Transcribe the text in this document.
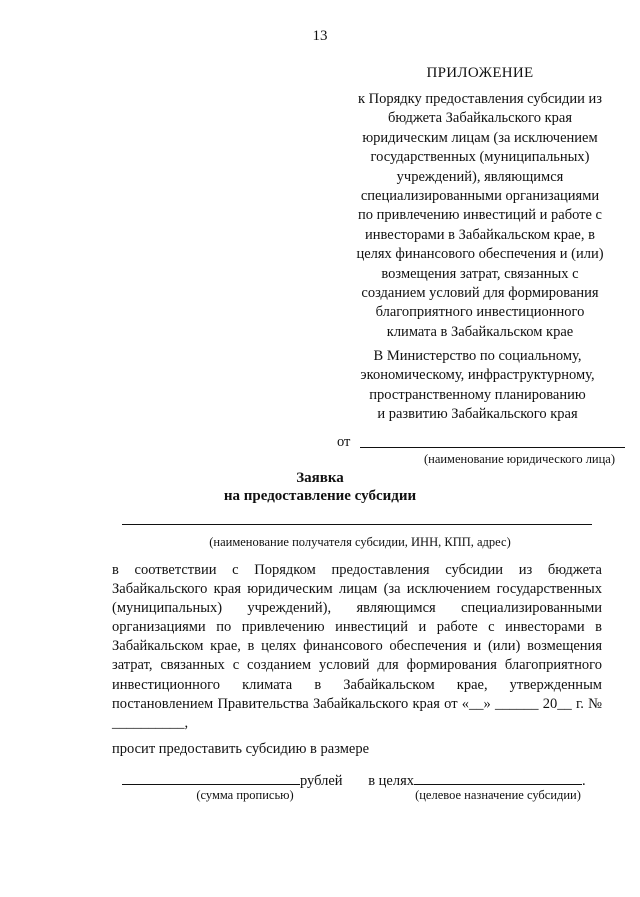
13
ПРИЛОЖЕНИЕ
к Порядку предоставления субсидии из
бюджета Забайкальского края
юридическим лицам (за исключением
государственных (муниципальных)
учреждений), являющимся
специализированными организациями
по привлечению инвестиций и работе с
инвесторами в Забайкальском крае, в
целях финансового обеспечения и (или)
возмещения затрат, связанных с
созданием условий для формирования
благоприятного инвестиционного
климата в Забайкальском крае
В Министерство по социальному,
экономическому, инфраструктурному,
пространственному планированию
и развитию Забайкальского края
от
(наименование юридического лица)
Заявка
на предоставление субсидии
(наименование получателя субсидии, ИНН, КПП, адрес)
в соответствии с Порядком предоставления субсидии из бюджета Забайкальского края юридическим лицам (за исключением государственных (муниципальных) учреждений), являющимся специализированными организациями по привлечению инвестиций и работе с инвесторами в Забайкальском крае, в целях финансового обеспечения и (или) возмещения затрат, связанных с созданием условий для формирования благоприятного инвестиционного климата в Забайкальском крае, утвержденным постановлением Правительства Забайкальского края от «__» ______ 20__ г. № __________,
просит предоставить субсидию в размере
рублей в целях	.
(сумма прописью)	(целевое назначение субсидии)
